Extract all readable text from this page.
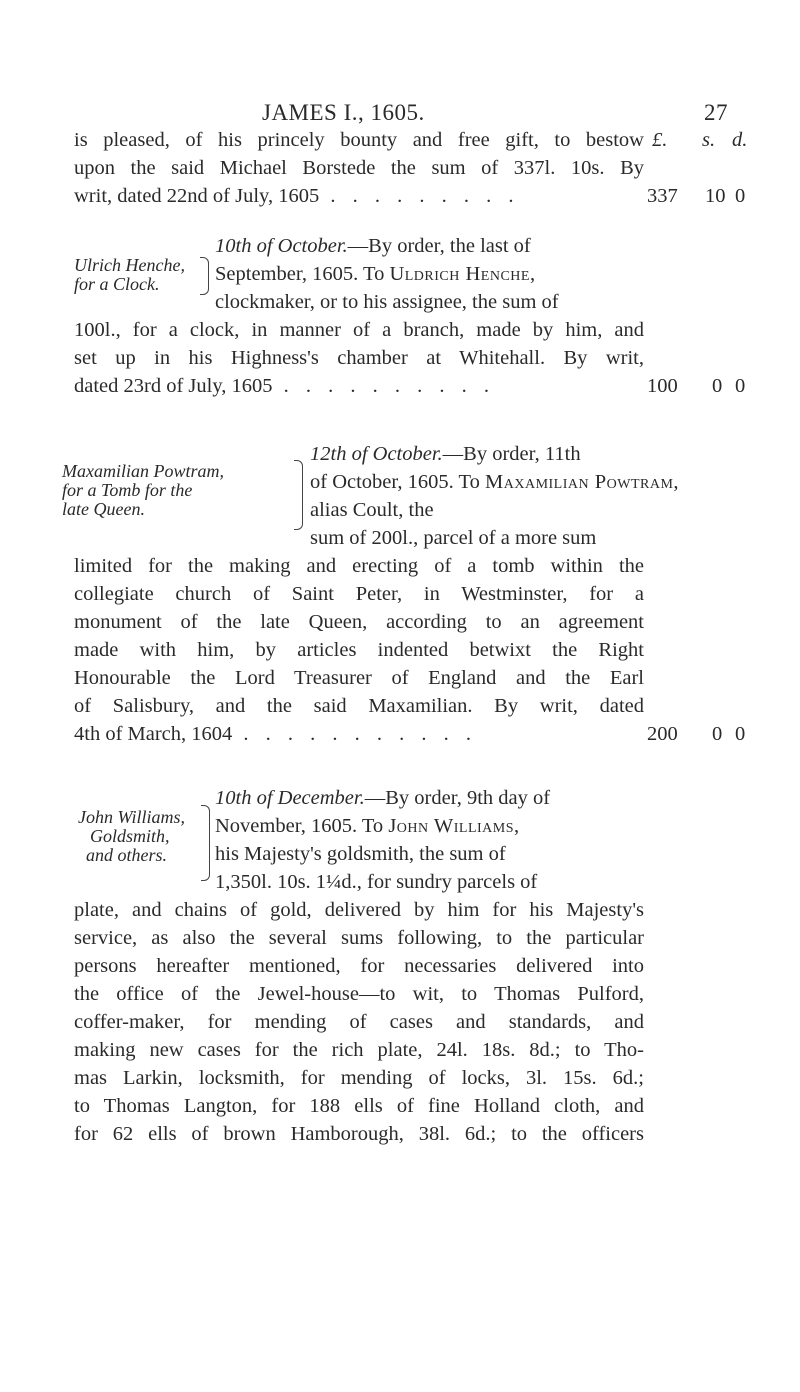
JAMES I., 1605.	27
is pleased, of his princely bounty and free gift, to bestow £. s. d.
upon the said Michael Borstede the sum of 337l. 10s. By
writ, dated 22nd of July, 1605 . . . . . . . . .	337 10 0
Ulrich Henche,
for a Clock.
10th of October.—By order, the last of
September, 1605. To Uldrich Henche,
clockmaker, or to his assignee, the sum of
100l., for a clock, in manner of a branch, made by him, and
set up in his Highness's chamber at Whitehall. By writ,
dated 23rd of July, 1605 . . . . . . . . . .	100 0 0
Maxamilian Powtram,
for a Tomb for the
late Queen.
12th of October.—By order, 11th
of October, 1605. To Maxamilian Powtram,
alias Coult, the
sum of 200l., parcel of a more sum
limited for the making and erecting of a tomb within the
collegiate church of Saint Peter, in Westminster, for a
monument of the late Queen, according to an agreement
made with him, by articles indented betwixt the Right
Honourable the Lord Treasurer of England and the Earl
of Salisbury, and the said Maxamilian. By writ, dated
4th of March, 1604 . . . . . . . . . . .	200 0 0
John Williams,
Goldsmith,
and others.
10th of December.—By order, 9th day of
November, 1605. To John Williams,
his Majesty's goldsmith, the sum of
1,350l. 10s. 1¼d., for sundry parcels of
plate, and chains of gold, delivered by him for his Majesty's
service, as also the several sums following, to the particular
persons hereafter mentioned, for necessaries delivered into
the office of the Jewel-house—to wit, to Thomas Pulford,
coffer-maker, for mending of cases and standards, and
making new cases for the rich plate, 24l. 18s. 8d.; to Tho-
mas Larkin, locksmith, for mending of locks, 3l. 15s. 6d.;
to Thomas Langton, for 188 ells of fine Holland cloth, and
for 62 ells of brown Hamborough, 38l. 6d.; to the officers
